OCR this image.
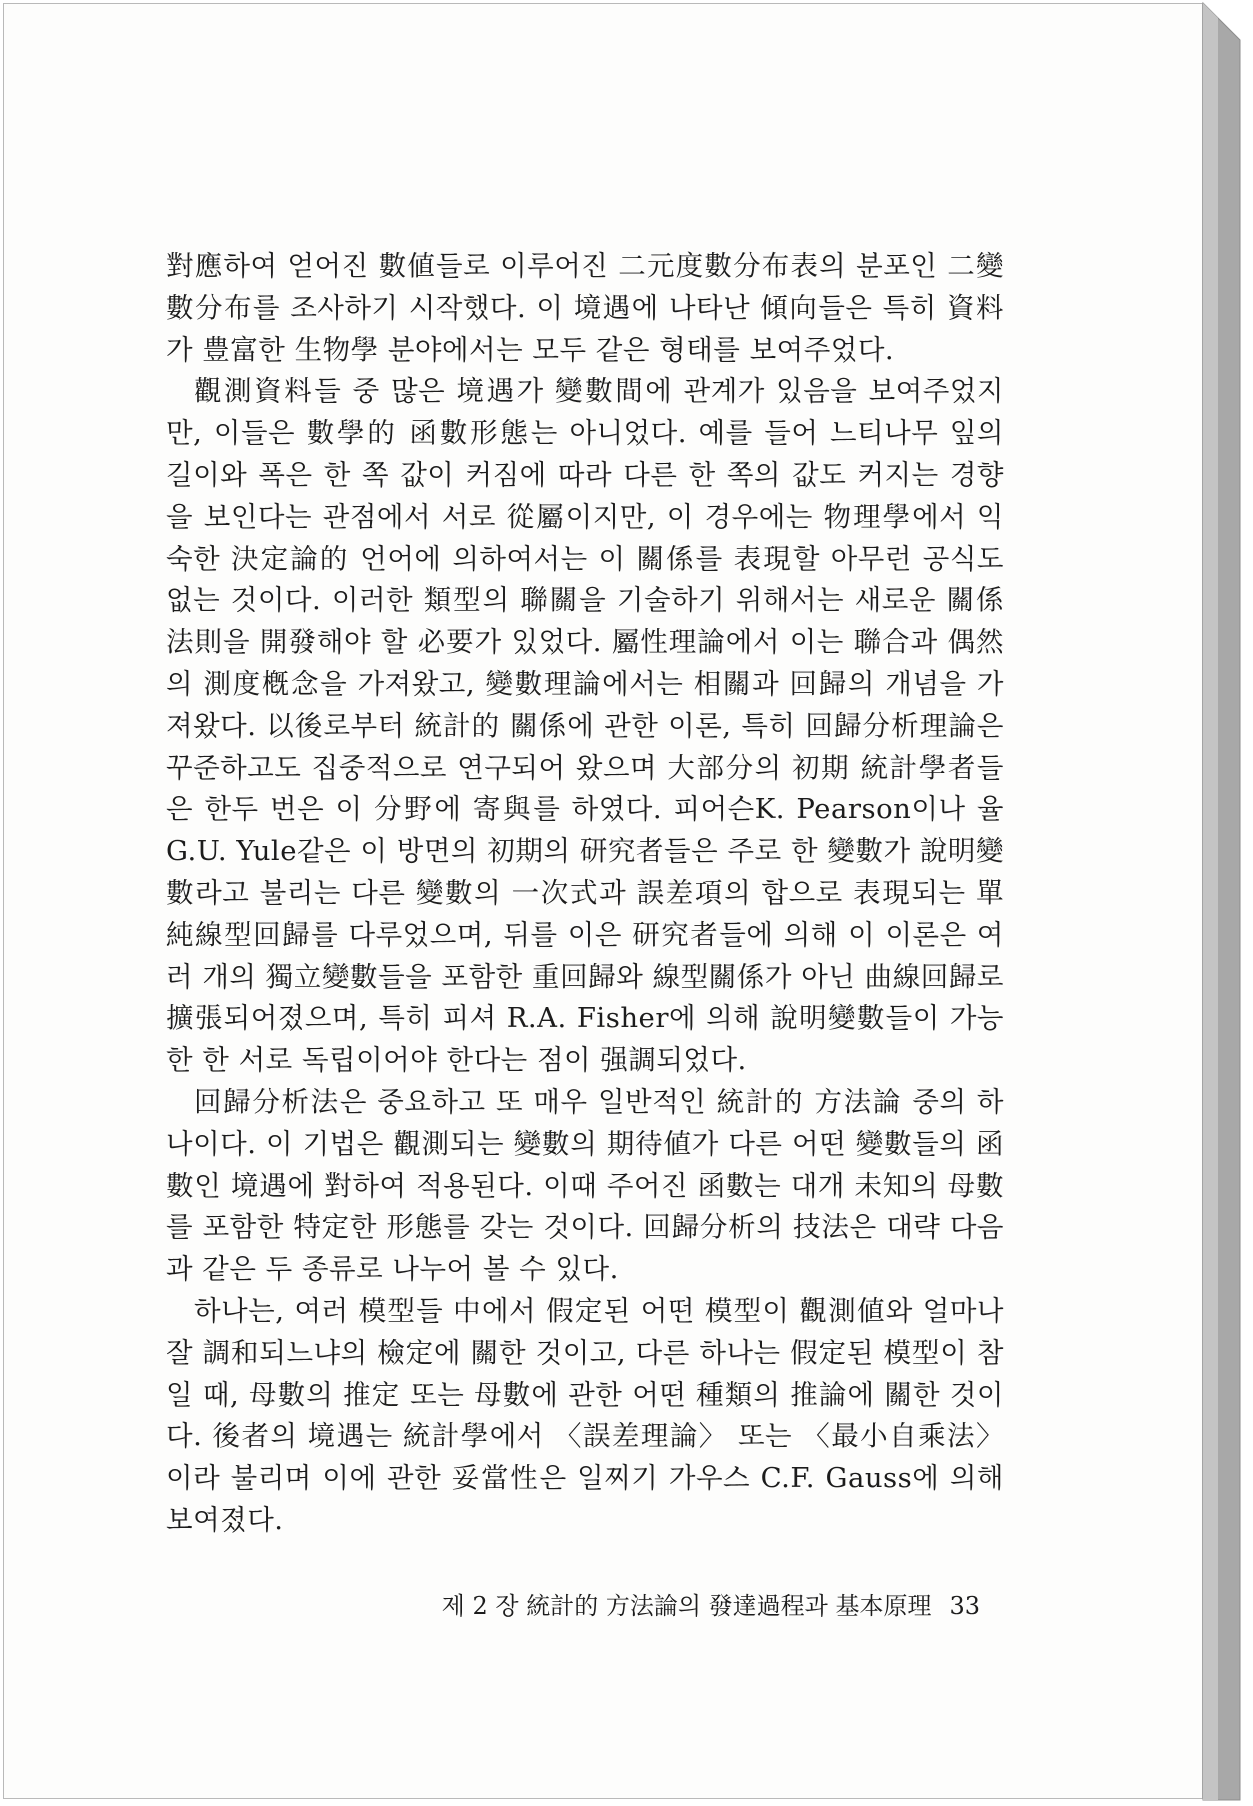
對應하여 얻어진 數値들로 이루어진 二元度數分布表의 분포인 二變數分布를 조사하기 시작했다. 이 境遇에 나타난 傾向들은 특히 資料가 豊富한 生物學 분야에서는 모두 같은 형태를 보여주었다.

觀測資料들 중 많은 境遇가 變數間에 관계가 있음을 보여주었지만, 이들은 數學的 函數形態는 아니었다. 예를 들어 느티나무 잎의 길이와 폭은 한 쪽 값이 커짐에 따라 다른 한 쪽의 값도 커지는 경향을 보인다는 관점에서 서로 從屬이지만, 이 경우에는 物理學에서 익숙한 決定論的 언어에 의하여서는 이 關係를 表現할 아무런 공식도 없는 것이다. 이러한 類型의 聯關을 기술하기 위해서는 새로운 關係法則을 開發해야 할 必要가 있었다. 屬性理論에서 이는 聯合과 偶然의 測度槪念을 가져왔고, 變數理論에서는 相關과 回歸의 개념을 가져왔다. 以後로부터 統計的 關係에 관한 이론, 특히 回歸分析理論은 꾸준하고도 집중적으로 연구되어 왔으며 大部分의 初期 統計學者들은 한두 번은 이 分野에 寄與를 하였다. 피어슨K. Pearson이나 율G.U. Yule같은 이 방면의 初期의 研究者들은 주로 한 變數가 說明變數라고 불리는 다른 變數의 一次式과 誤差項의 합으로 表現되는 單純線型回歸를 다루었으며, 뒤를 이은 研究者들에 의해 이 이론은 여러 개의 獨立變數들을 포함한 重回歸와 線型關係가 아닌 曲線回歸로 擴張되어졌으며, 특히 피셔 R.A. Fisher에 의해 說明變數들이 가능한 한 서로 독립이어야 한다는 점이 强調되었다.

回歸分析法은 중요하고 또 매우 일반적인 統計的 方法論 중의 하나이다. 이 기법은 觀測되는 變數의 期待値가 다른 어떤 變數들의 函數인 境遇에 對하여 적용된다. 이때 주어진 函數는 대개 未知의 母數를 포함한 特定한 形態를 갖는 것이다. 回歸分析의 技法은 대략 다음과 같은 두 종류로 나누어 볼 수 있다.

하나는, 여러 模型들 中에서 假定된 어떤 模型이 觀測値와 얼마나 잘 調和되느냐의 檢定에 關한 것이고, 다른 하나는 假定된 模型이 참일 때, 母數의 推定 또는 母數에 관한 어떤 種類의 推論에 關한 것이다. 後者의 境遇는 統計學에서 〈誤差理論〉 또는 〈最小自乘法〉이라 불리며 이에 관한 妥當性은 일찌기 가우스 C.F. Gauss에 의해 보여졌다.

제 2 장 統計的 方法論의 發達過程과 基本原理 33
